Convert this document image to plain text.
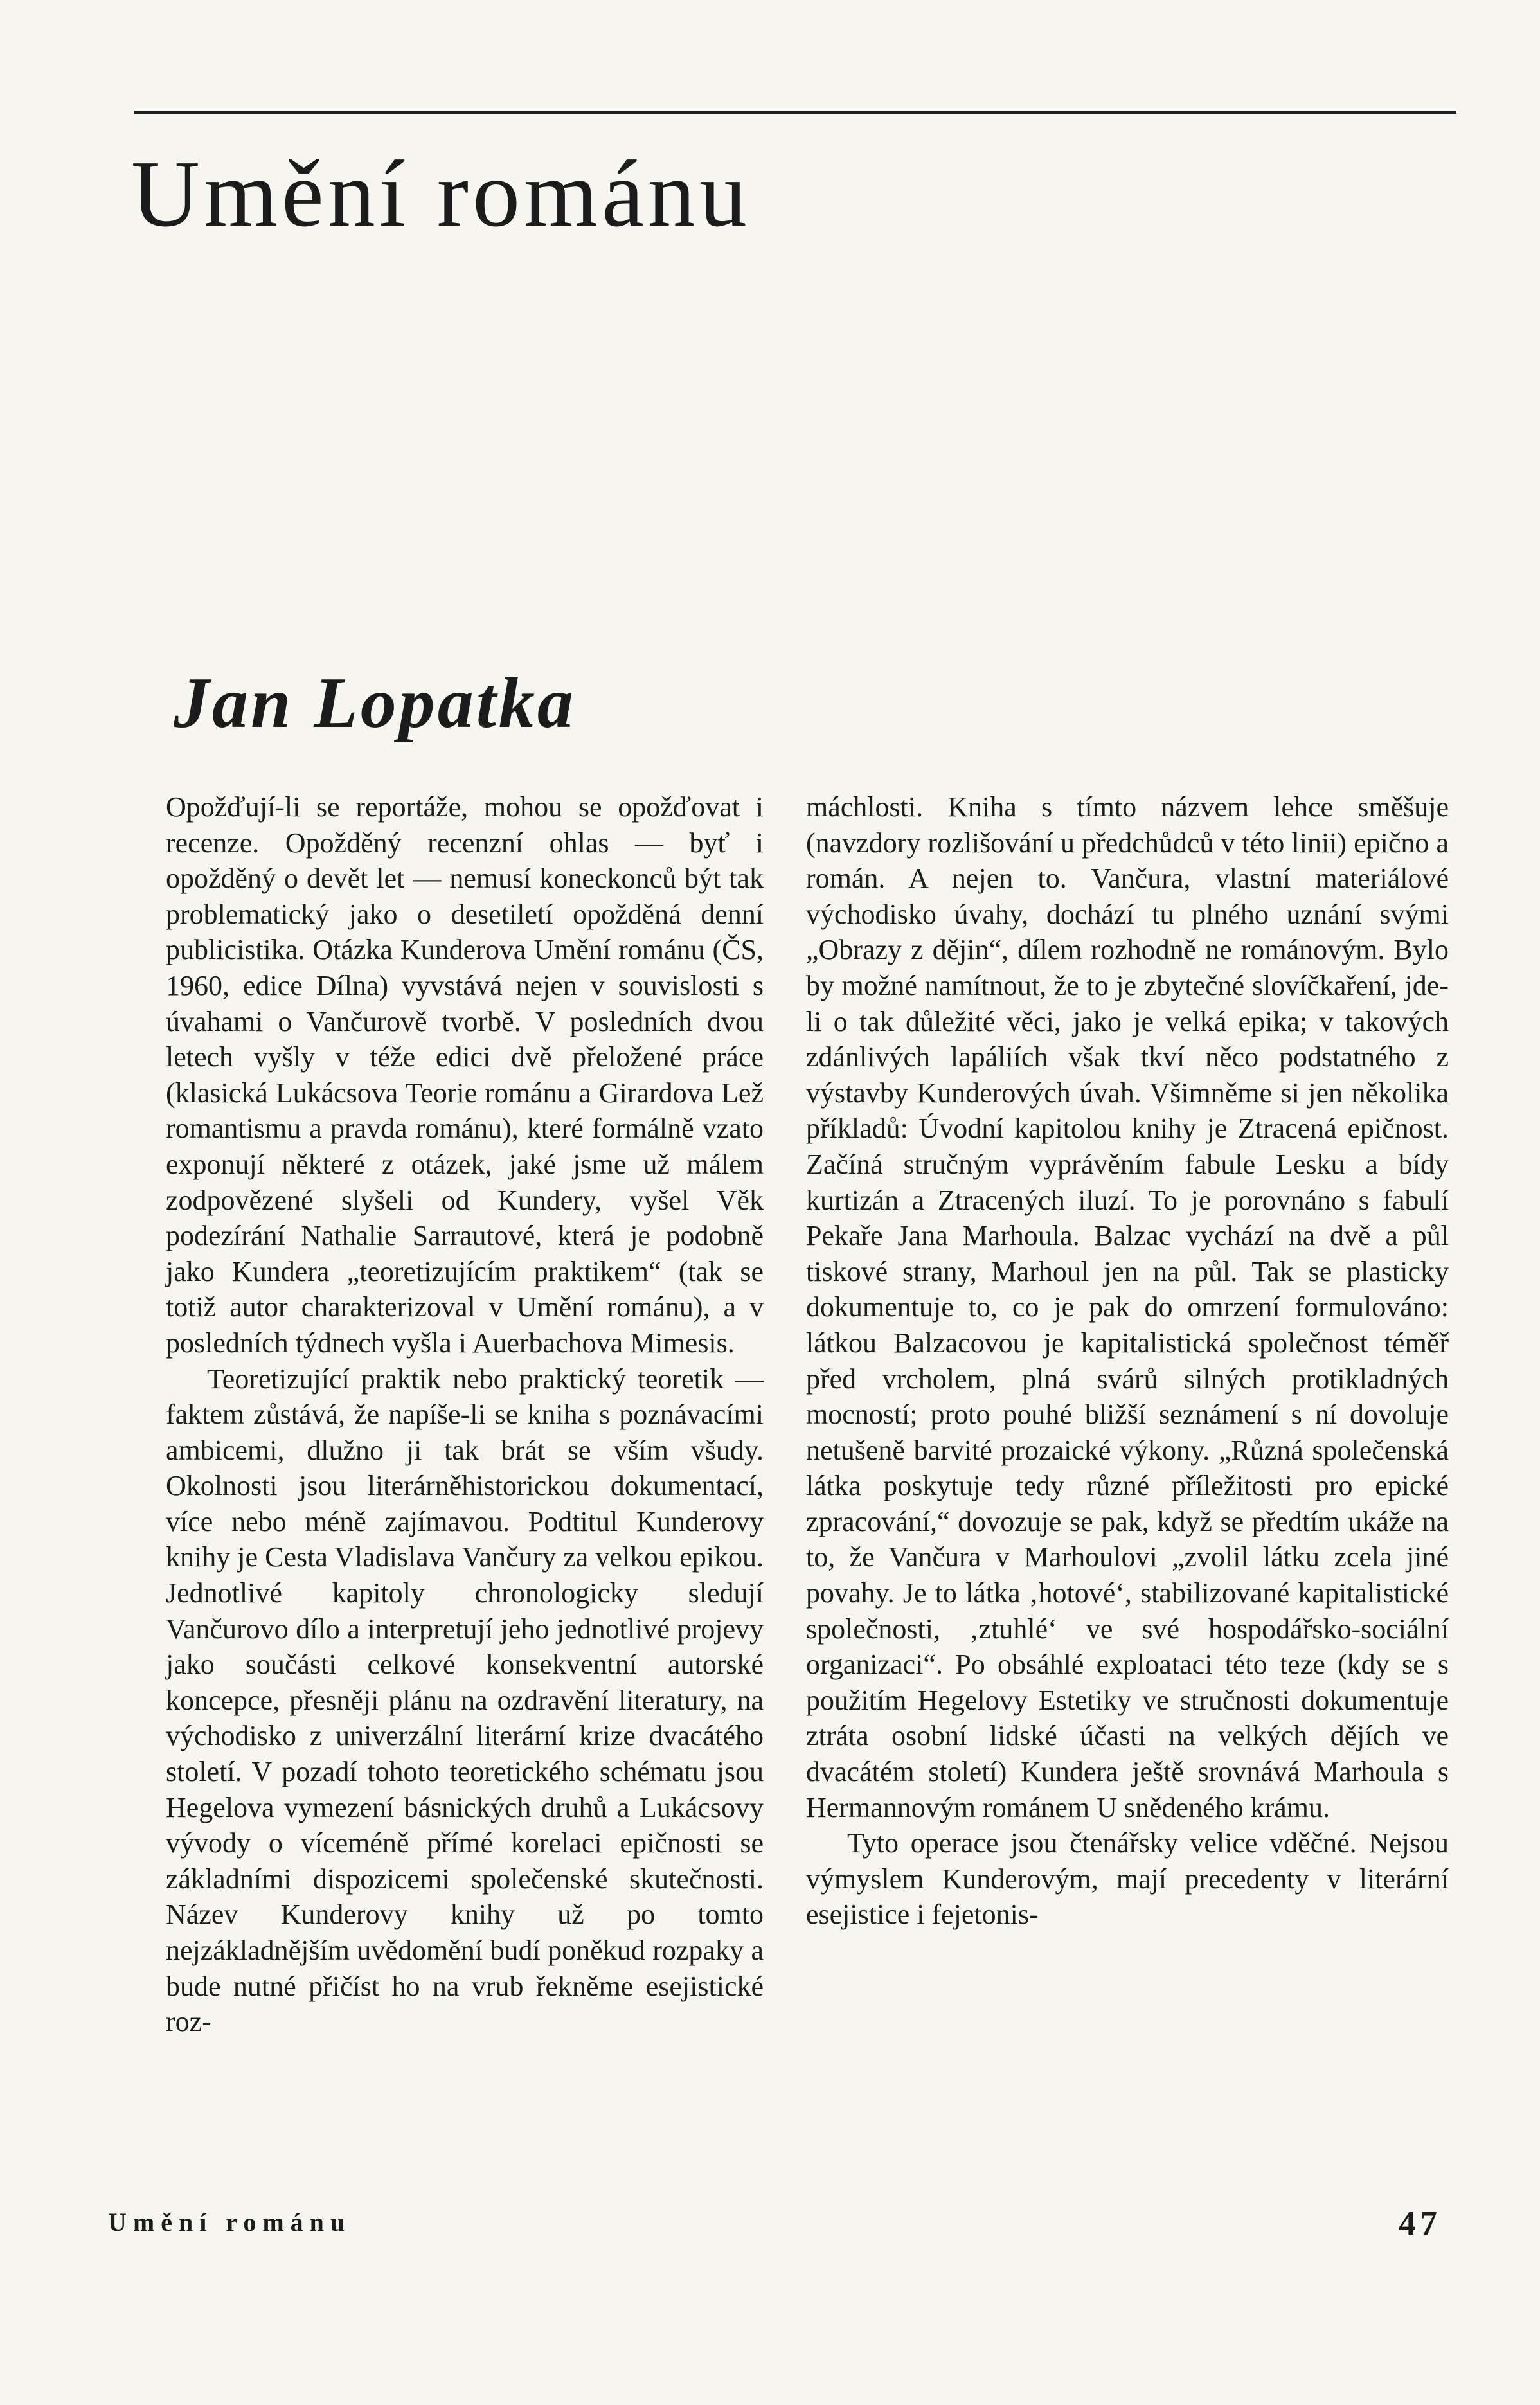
Umění románu
Jan Lopatka

Opožďují-li se reportáže, mohou se opožďovat i recenze. Opožděný recenzní ohlas — byť i opožděný o devět let — nemusí koneckonců být tak problematický jako o desetiletí opožděná denní publicistika. Otázka Kunderova Umění románu (ČS, 1960, edice Dílna) vyvstává nejen v souvislosti s úvahami o Vančurově tvorbě. V posledních dvou letech vyšly v téže edici dvě přeložené práce (klasická Lukácsova Teorie románu a Girardova Lež romantismu a pravda románu), které formálně vzato exponují některé z otázek, jaké jsme už málem zodpovězené slyšeli od Kundery, vyšel Věk podezírání Nathalie Sarrautové, která je podobně jako Kundera „teoretizujícím praktikem“ (tak se totiž autor charakterizoval v Umění románu), a v posledních týdnech vyšla i Auerbachova Mimesis.

Teoretizující praktik nebo praktický teoretik — faktem zůstává, že napíše-li se kniha s poznávacími ambicemi, dlužno ji tak brát se vším všudy. Okolnosti jsou literárněhistorickou dokumentací, více nebo méně zajímavou. Podtitul Kunderovy knihy je Cesta Vladislava Vančury za velkou epikou. Jednotlivé kapitoly chronologicky sledují Vančurovo dílo a interpretují jeho jednotlivé projevy jako součásti celkové konsekventní autorské koncepce, přesněji plánu na ozdravění literatury, na východisko z univerzální literární krize dvacátého století. V pozadí tohoto teoretického schématu jsou Hegelova vymezení básnických druhů a Lukácsovy vývody o víceméně přímé korelaci epičnosti se základními dispozicemi společenské skutečnosti. Název Kunderovy knihy už po tomto nejzákladnějším uvědomění budí poněkud rozpaky a bude nutné přičíst ho na vrub řekněme esejistické roz-

máchlosti. Kniha s tímto názvem lehce směšuje (navzdory rozlišování u předchůdců v této linii) epično a román. A nejen to. Vančura, vlastní materiálové východisko úvahy, dochází tu plného uznání svými „Obrazy z dějin“, dílem rozhodně ne románovým. Bylo by možné namítnout, že to je zbytečné slovíčkaření, jde-li o tak důležité věci, jako je velká epika; v takových zdánlivých lapáliích však tkví něco podstatného z výstavby Kunderových úvah. Všimněme si jen několika příkladů: Úvodní kapitolou knihy je Ztracená epičnost. Začíná stručným vyprávěním fabule Lesku a bídy kurtizán a Ztracených iluzí. To je porovnáno s fabulí Pekaře Jana Marhoula. Balzac vychází na dvě a půl tiskové strany, Marhoul jen na půl. Tak se plasticky dokumentuje to, co je pak do omrzení formulováno: látkou Balzacovou je kapitalistická společnost téměř před vrcholem, plná svárů silných protikladných mocností; proto pouhé bližší seznámení s ní dovoluje netušeně barvité prozaické výkony. „Různá společenská látka poskytuje tedy různé příležitosti pro epické zpracování,“ dovozuje se pak, když se předtím ukáže na to, že Vančura v Marhoulovi „zvolil látku zcela jiné povahy. Je to látka ‚hotové‘, stabilizované kapitalistické společnosti, ‚ztuhlé‘ ve své hospodářsko-sociální organizaci“. Po obsáhlé exploataci této teze (kdy se s použitím Hegelovy Estetiky ve stručnosti dokumentuje ztráta osobní lidské účasti na velkých dějích ve dvacátém století) Kundera ještě srovnává Marhoula s Hermannovým románem U snědeného krámu.

Tyto operace jsou čtenářsky velice vděčné. Nejsou výmyslem Kunderovým, mají precedenty v literární esejistice i fejetonis-

Umění románu	47
